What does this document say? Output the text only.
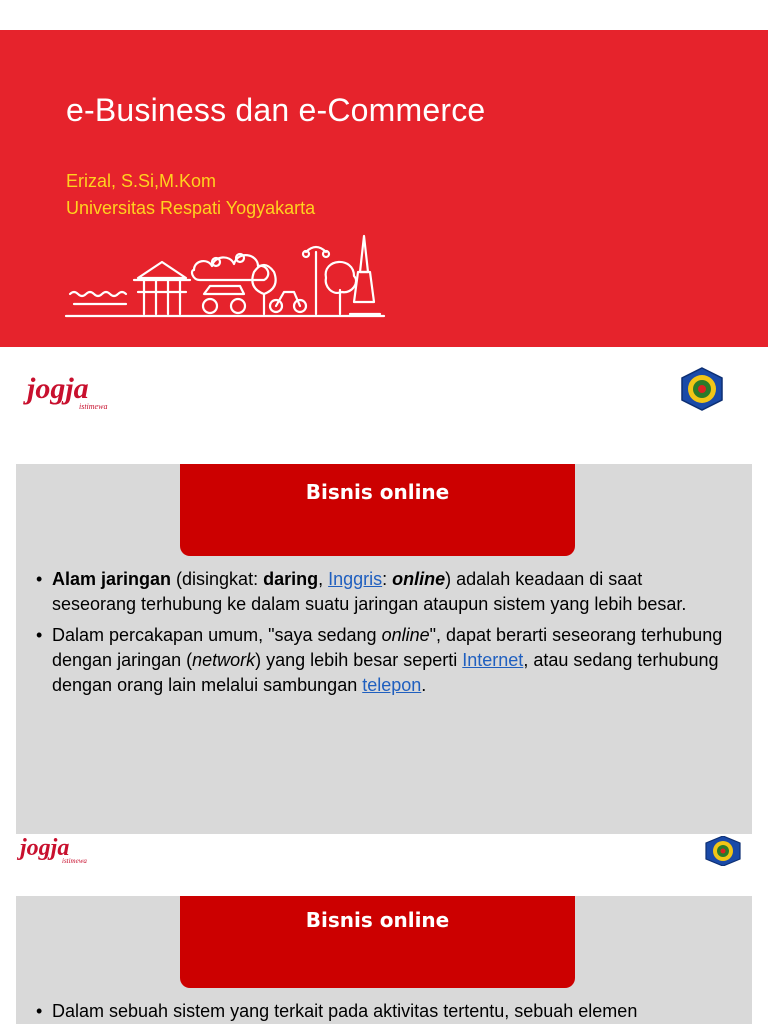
e-Business dan e-Commerce
Erizal, S.Si,M.Kom
Universitas Respati Yogyakarta
jogja
istimewa
Bisnis online
• Alam jaringan (disingkat: daring, Inggris: online) adalah keadaan di saat seseorang terhubung ke dalam suatu jaringan ataupun sistem yang lebih besar.
• Dalam percakapan umum, "saya sedang online", dapat berarti seseorang terhubung dengan jaringan (network) yang lebih besar seperti Internet, atau sedang terhubung dengan orang lain melalui sambungan telepon.
jogja
istimewa
Bisnis online
• Dalam sebuah sistem yang terkait pada aktivitas tertentu, sebuah elemen
